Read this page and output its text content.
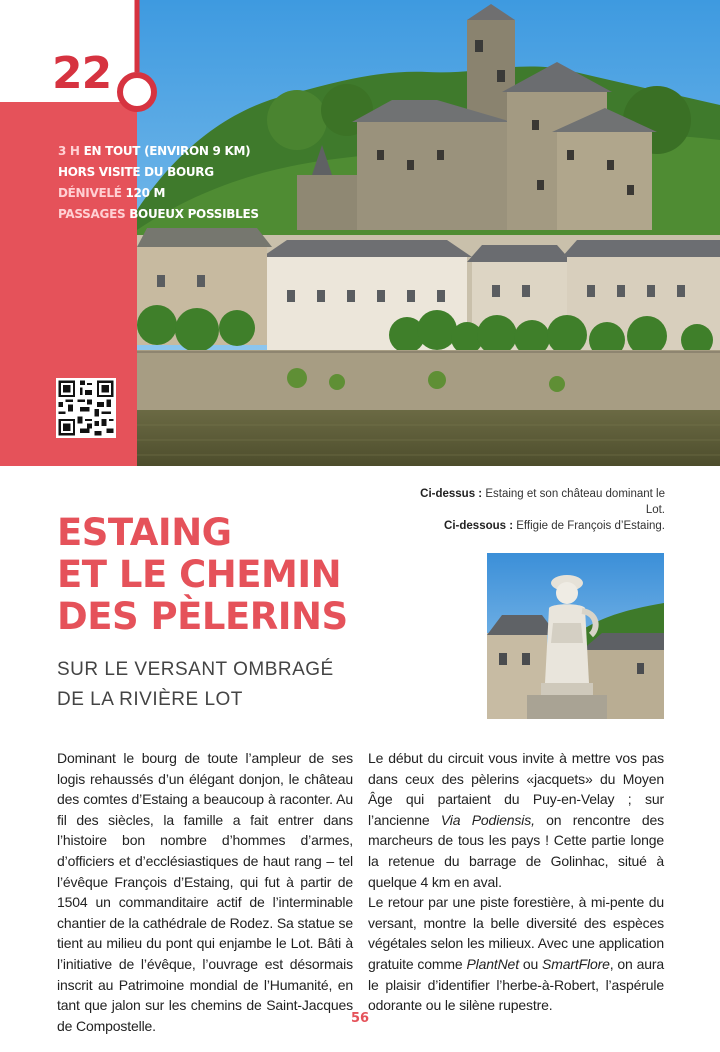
22
3 H EN TOUT (ENVIRON 9 KM)
HORS VISITE DU BOURG
DÉNIVELÉ 120 M
PASSAGES BOUEUX POSSIBLES
Ci-dessus : Estaing et son château dominant le Lot.
Ci-dessous : Effigie de François d’Estaing.
ESTAING
ET LE CHEMIN
DES PÈLERINS
SUR LE VERSANT OMBRAGÉ
DE LA RIVIÈRE LOT

Dominant le bourg de toute l’ampleur de ses logis rehaussés d’un élégant donjon, le château des comtes d’Estaing a beaucoup à raconter. Au fil des siècles, la famille a fait entrer dans l’histoire bon nombre d’hommes d’armes, d’officiers et d’ecclésiastiques de haut rang – tel l’évêque François d’Estaing, qui fut à partir de 1504 un commanditaire actif de l’interminable chantier de la cathédrale de Rodez. Sa statue se tient au milieu du pont qui enjambe le Lot. Bâti à l’initiative de l’évêque, l’ouvrage est désormais inscrit au Patrimoine mondial de l’Humanité, en tant que jalon sur les chemins de Saint-Jacques de Compostelle.

Le début du circuit vous invite à mettre vos pas dans ceux des pèlerins «jacquets» du Moyen Âge qui partaient du Puy-en-Velay ; sur l’ancienne Via Podiensis, on rencontre des marcheurs de tous les pays ! Cette partie longe la retenue du barrage de Golinhac, situé à quelque 4 km en aval.

Le retour par une piste forestière, à mi-pente du versant, montre la belle diversité des espèces végétales selon les milieux. Avec une application gratuite comme PlantNet ou SmartFlore, on aura le plaisir d’identifier l’herbe-à-Robert, l’aspérule odorante ou le silène rupestre.

56
